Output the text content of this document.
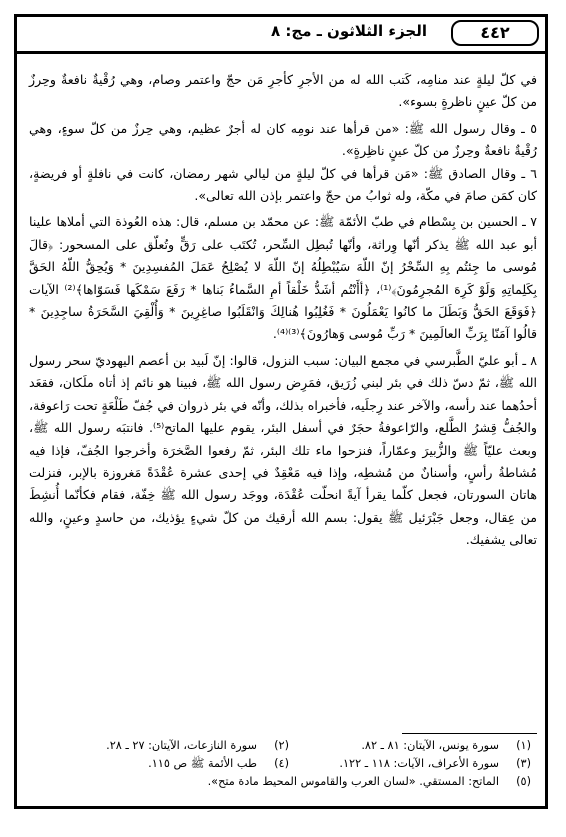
الجزء الثلاثون ـ مج: ٨	٤٤٢

في كلّ ليلةٍ عند منامِه، كَتب الله له من الأجرِ كأجرِ مَن حجّ واعتمر وصام، وهي رُقْيةٌ نافعةٌ وحِرزٌ من كلّ عينٍ ناظرةٍ بسوء».

٥ ـ وقال رسول الله ﷺ: «من قرأها عند نومِه كان له أجرٌ عظيم، وهي حِرزٌ من كلّ سوءٍ، وهي رُقْيةٌ نافعةٌ وحِرزٌ من كلّ عينٍ ناظِرةٍ».

٦ ـ وقال الصادق ﷺ: «مَن قرأها في كلّ ليلةٍ من ليالي شهر رمضان، كانت في نافلةٍ أو فريضةٍ، كان كمَن صامَ في مكّة، وله ثوابُ من حجّ واعتمر بإذن الله تعالى».

٧ ـ الحسين بن بِسْطام في طبّ الأئمّة ﷺ: عن محمّد بن مسلم، قال: هذه العُوذة التي أملاها علينا أبو عبد الله ﷺ يذكر أنّها وِراثة، وأنّها تُبطِل السِّحر، تُكتَب على رَقٍّ وتُعلّق على المسحور: ﴿قالَ مُوسى ما جِئتُم بِهِ السِّحْرُ إنّ اللّهَ سَيُبْطِلُهُ إنّ اللّهَ لا يُصْلِحُ عَمَلَ المُفسِدِينَ * وَيُحِقُّ اللّهُ الحَقَّ بِكَلِماتِهِ وَلَوْ كَرِهَ المُجرِمُونَ﴾⁽¹⁾، ﴿أأَنْتُم أشَدُّ خَلْقاً أمِ السَّماءُ بَناها * رَفَعَ سَمْكَها فَسَوّاها﴾⁽²⁾ الآيات ﴿فَوَقَعَ الحَقُّ وَبَطَلَ ما كانُوا يَعْمَلُونَ * فَغُلِبُوا هُنالِكَ وَانْقَلَبُوا صاغِرِينَ * وَأُلْقِيَ السَّحَرَةُ ساجِدِينَ * قالُوا آمَنّا بِرَبِّ العالَمِينَ * رَبِّ مُوسى وَهارُونَ﴾⁽³⁾⁽⁴⁾.

٨ ـ أبو عليّ الطَّبرسي في مجمع البيان: سبب النزول، قالوا: إنّ لَبيد بن أعصم اليهوديّ سحر رسول الله ﷺ، ثمّ دسّ ذلك في بئر لبني زُرَيق، فمَرِض رسول الله ﷺ، فبينا هو نائم إذ أتاه ملَكان، فقعَد أحدُهما عند رأسه، والآخر عند رِجلَيه، فأخبراه بذلك، وأنّه في بئر ذروان في جُفّ طَلْعَةٍ تحت رَاعوفة، والجُفُّ قِشرُ الطَّلع، والرّاعوفةُ حجَرٌ في أسفل البئر، يقوم عليها الماتح⁽⁵⁾. فانتبَه رسول الله ﷺ، وبعث عليّاً ﷺ والزُّبيرَ وعمّاراً، فنزحوا ماء تلك البئر، ثمّ رفعوا الصَّخرَة وأخرجوا الجُفّ، فإذا فيه مُشاطةُ رأسٍ، وأسنانٌ من مُشطِه، وإذا فيه مَعْقِدٌ في إحدى عشرة عُقْدَةً مَغروزة بالإبر، فنزلت هاتان السورتان، فجعل كلّما يقرأ آيةً انحلّت عُقْدَة، ووجَد رسول الله ﷺ خِفّة، فقام فكأنّما أُنشِطَ من عِقال، وجعل جَبْرَئيل ﷺ يقول: بسم الله أرقيك من كلّ شيءٍ يؤذيك، من حاسدٍ وعينٍ، والله تعالى يشفيك.

(١)
سورة يونس، الآيتان: ٨١ ـ ٨٢.
(٢)
سورة النازعات، الآيتان: ٢٧ ـ ٢٨.
(٣)
سورة الأعراف، الآيات: ١١٨ ـ ١٢٢.
(٤)
طب الأئمة ﷺ ص ١١٥.
(٥)
الماتح: المستقي. «لسان العرب والقاموس المحيط مادة متح».
